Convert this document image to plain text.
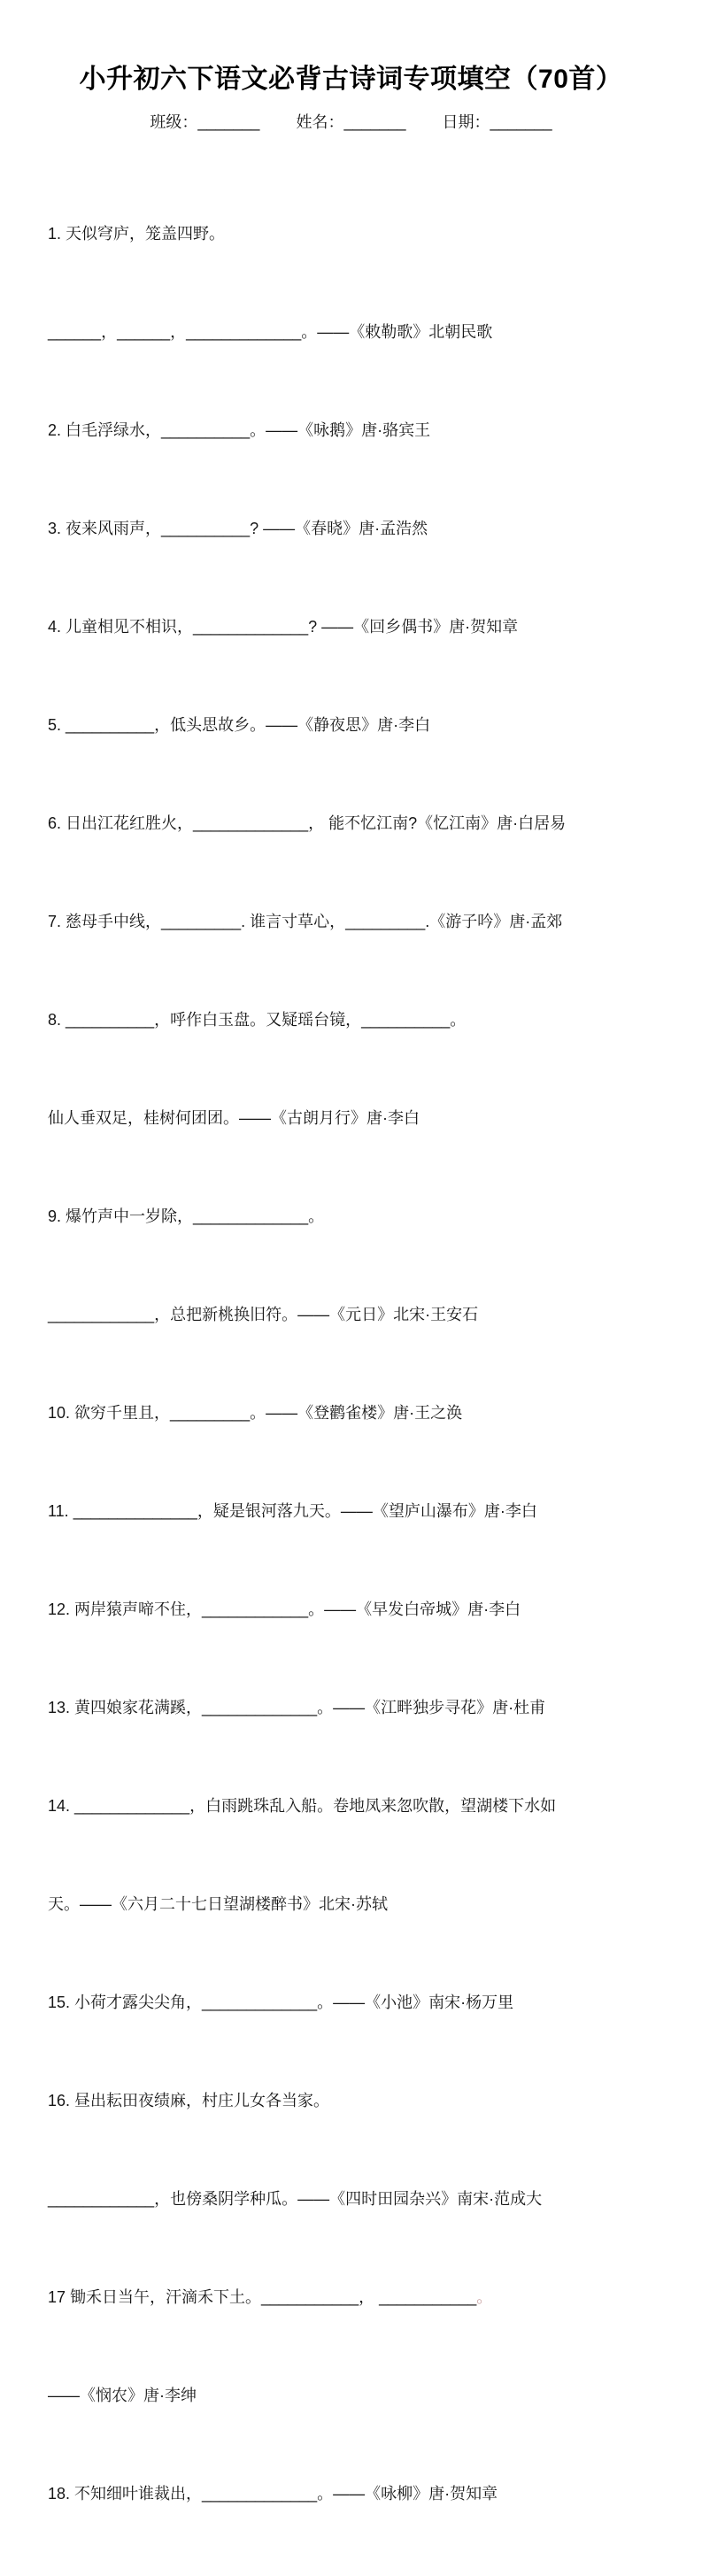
小升初六下语文必背古诗词专项填空（70首）
班级：_______ 姓名：_______ 日期：_______

1. 天似穹庐，笼盖四野。

______，______，_____________。——《敕勒歌》北朝民歌

2. 白毛浮绿水，__________。——《咏鹅》唐·骆宾王

3. 夜来风雨声，__________? ——《春晓》唐·孟浩然

4. 儿童相见不相识，_____________? ——《回乡偶书》唐·贺知章

5. __________，低头思故乡。——《静夜思》唐·李白

6. 日出江花红胜火，_____________， 能不忆江南?《忆江南》唐·白居易

7. 慈母手中线，_________. 谁言寸草心，_________.《游子吟》唐·孟郊

8. __________，呼作白玉盘。又疑瑶台镜，__________。

仙人垂双足，桂树何团团。——《古朗月行》唐·李白

9. 爆竹声中一岁除，_____________。

____________，总把新桃换旧符。——《元日》北宋·王安石

10. 欲穷千里且，_________。——《登鹳雀楼》唐·王之涣

11. ______________，疑是银河落九天。——《望庐山瀑布》唐·李白

12. 两岸猿声啼不住，____________。——《早发白帝城》唐·李白

13. 黄四娘家花满蹊，_____________。——《江畔独步寻花》唐·杜甫

14. _____________，白雨跳珠乱入船。卷地凤来忽吹散，望湖楼下水如

天。——《六月二十七日望湖楼醉书》北宋·苏轼

15. 小荷才露尖尖角，_____________。——《小池》南宋·杨万里

16. 昼出耘田夜绩麻，村庄儿女各当家。

____________，也傍桑阴学种瓜。——《四时田园杂兴》南宋·范成大

17 锄禾日当午，汗滴禾下土。___________， ___________。

——《悯农》唐·李绅

18. 不知细叶谁裁出，_____________。——《咏柳》唐·贺知章
